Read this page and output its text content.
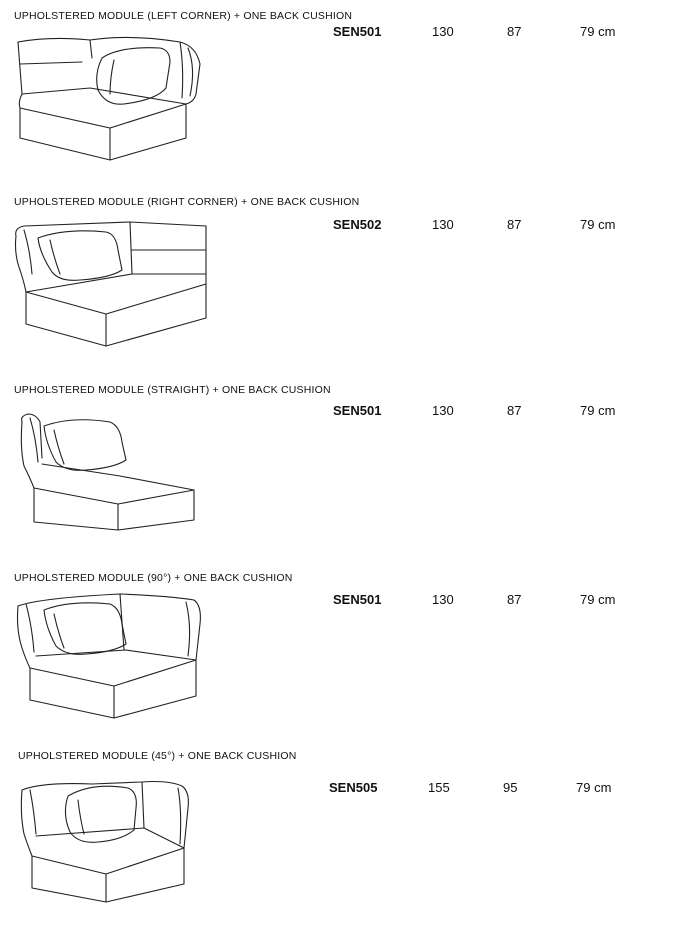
UPHOLSTERED MODULE (LEFT CORNER) + ONE BACK CUSHION
SEN501	130	87	79 cm
UPHOLSTERED MODULE (RIGHT CORNER) + ONE BACK CUSHION
SEN502	130	87	79 cm
UPHOLSTERED MODULE (STRAIGHT) + ONE BACK CUSHION
SEN501	130	87	79 cm
UPHOLSTERED MODULE (90°) + ONE BACK CUSHION
SEN501	130	87	79 cm
UPHOLSTERED MODULE (45°) + ONE BACK CUSHION
SEN505	155	95	79 cm
